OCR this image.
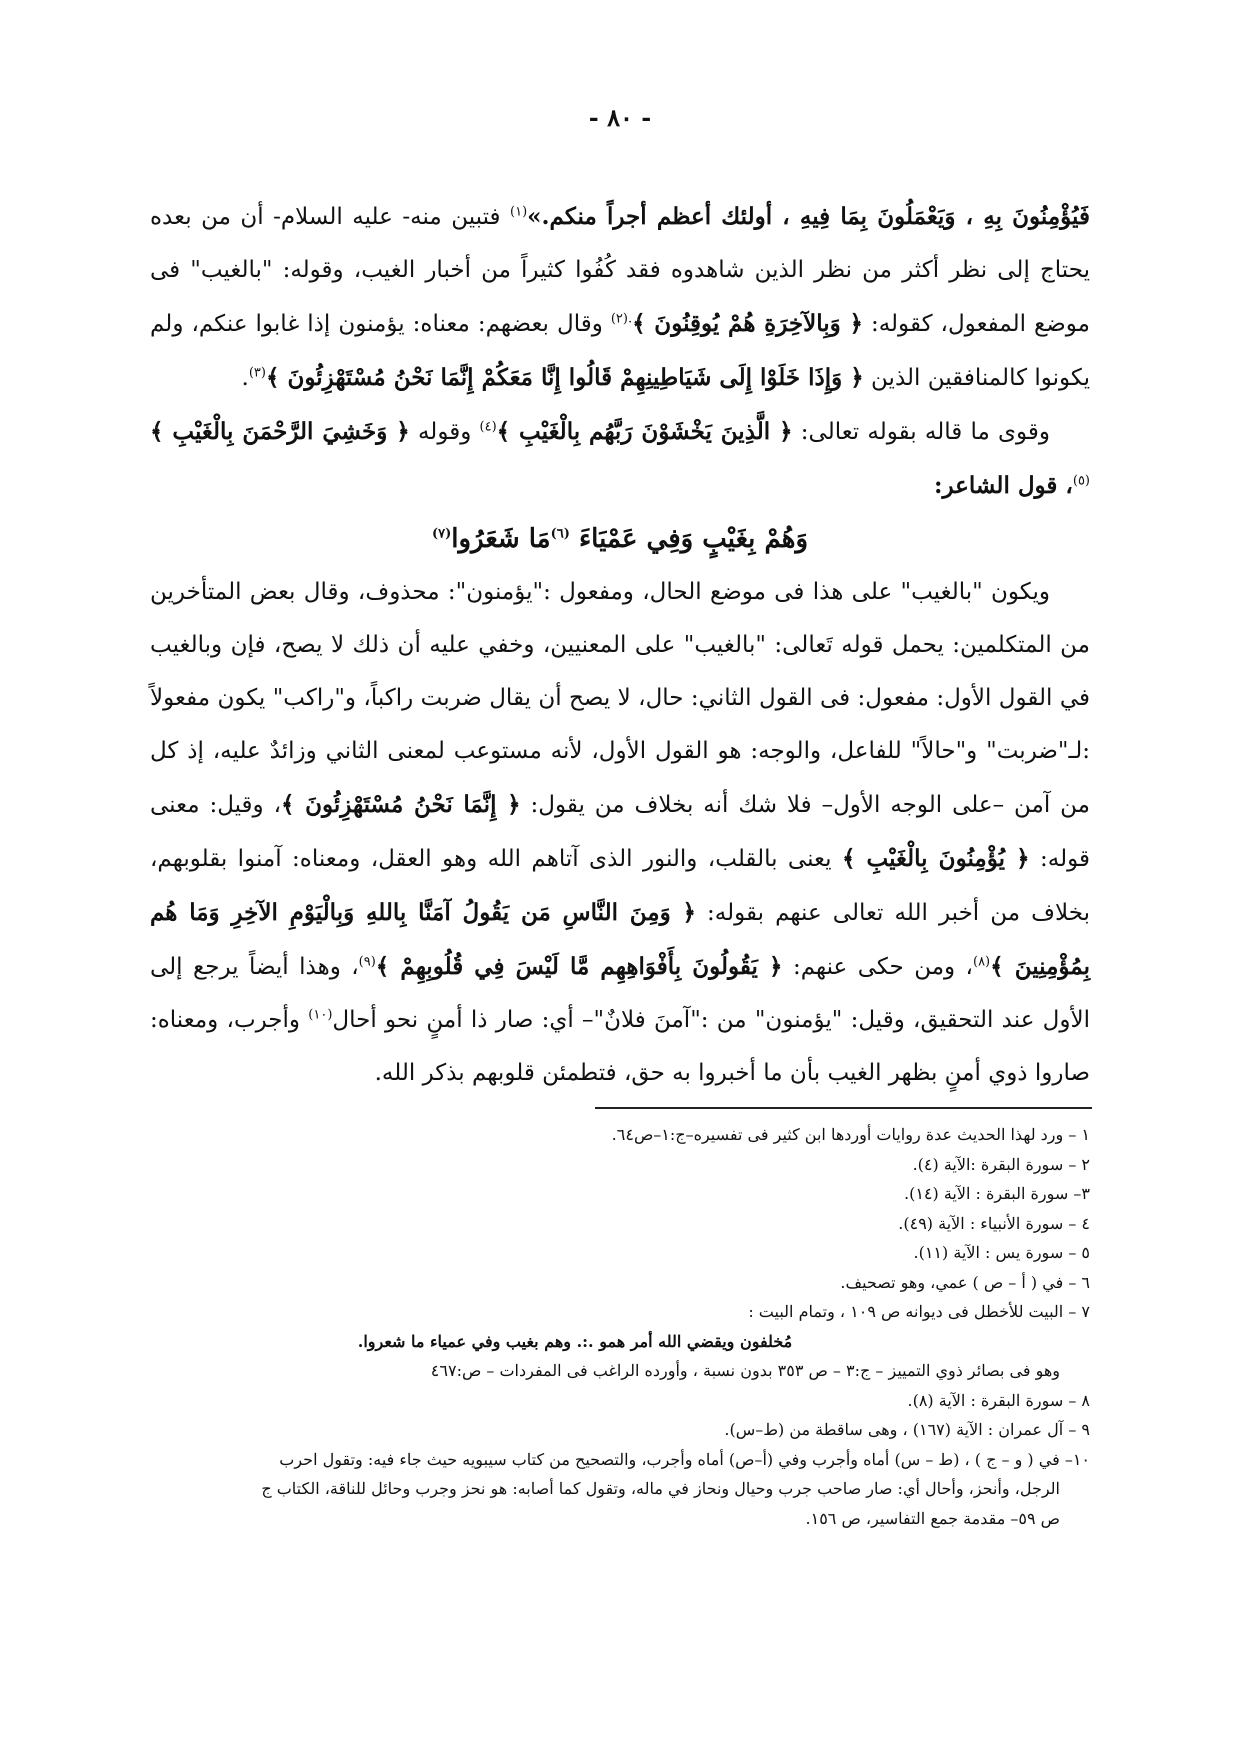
- ٨٠ -

فَيُؤْمِنُونَ بِهِ ، وَيَعْمَلُونَ بِمَا فِيهِ ، أولئك أعظم أجراً منكم.»$^{(١)}$ فتبين منه- عليه السلام- أن من بعده يحتاج إلى نظر أكثر من نظر الذين شاهدوه فقد كُفُوا كثيراً من أخبار الغيب، وقوله: "بالغيب" فى موضع المفعول، كقوله: ﴿ وَبِالآخِرَةِ هُمْ يُوقِنُونَ ﴾$^{.(٢)}$ وقال بعضهم: معناه: يؤمنون إذا غابوا عنكم، ولم يكونوا كالمنافقين الذين ﴿ وَإِذَا خَلَوْا إِلَى شَيَاطِينِهِمْ قَالُوا إِنَّا مَعَكُمْ إِنَّمَا نَحْنُ مُسْتَهْزِئُونَ ﴾$^{(٣)}$.

وقوى ما قاله بقوله تعالى: ﴿ الَّذِينَ يَخْشَوْنَ رَبَّهُم بِالْغَيْبِ ﴾$^{(٤)}$ وقوله ﴿ وَخَشِيَ الرَّحْمَنَ بِالْغَيْبِ ﴾$^{(٥)}$، قول الشاعر:

وَهُمْ بِغَيْبٍ وَفِي عَمْيَاءَ $^{(٦)}$مَا شَعَرُوا$^{(٧)}$

ويكون "بالغيب" على هذا فى موضع الحال، ومفعول :"يؤمنون": محذوف، وقال بعض المتأخرين من المتكلمين: يحمل قوله تَعالى: "بالغيب" على المعنيين، وخفي عليه أن ذلك لا يصح، فإن وبالغيب في القول الأول: مفعول: فى القول الثاني: حال، لا يصح أن يقال ضربت راكباً، و"راكب" يكون مفعولاً :لـ"ضربت" و"حالاً" للفاعل، والوجه: هو القول الأول، لأنه مستوعب لمعنى الثاني وزائدٌ عليه، إذ كل من آمن –على الوجه الأول– فلا شك أنه بخلاف من يقول: ﴿ إِنَّمَا نَحْنُ مُسْتَهْزِئُونَ ﴾، وقيل: معنى قوله: ﴿ يُؤْمِنُونَ بِالْغَيْبِ ﴾ يعنى بالقلب، والنور الذى آتاهم الله وهو العقل، ومعناه: آمنوا بقلوبهم، بخلاف من أخبر الله تعالى عنهم بقوله: ﴿ وَمِنَ النَّاسِ مَن يَقُولُ آمَنَّا بِاللهِ وَبِالْيَوْمِ الآخِرِ وَمَا هُم بِمُؤْمِنِينَ ﴾$^{(٨)}$، ومن حكى عنهم: ﴿ يَقُولُونَ بِأَفْوَاهِهِم مَّا لَيْسَ فِي قُلُوبِهِمْ ﴾$^{(٩)}$، وهذا أيضاً يرجع إلى الأول عند التحقيق، وقيل: "يؤمنون" من :"آمنَ فلانٌ"– أي: صار ذا أمنٍ نحو أحال$^{(١٠)}$ وأجرب، ومعناه: صاروا ذوي أمنٍ بظهر الغيب بأن ما أخبروا به حق، فتطمئن قلوبهم بذكر الله.

١ – ورد لهذا الحديث عدة روايات أوردها ابن كثير فى تفسيره–ج:١–ص٦٤.
٢ – سورة البقرة :الآية (٤).
٣– سورة البقرة : الآية (١٤).
٤ – سورة الأنبياء : الآية (٤٩).
٥ – سورة يس : الآية (١١).
٦ – في ( أ – ص ) عمي، وهو تصحيف.
٧ – البيت للأخطل فى ديوانه ص ١٠٩ ، وتمام البيت :
مُخلفون ويقضي الله أمر همو .:. وهم بغيب وفي عمياء ما شعروا.
وهو فى بصائر ذوي التمييز – ج:٣ – ص ٣٥٣ بدون نسبة ، وأورده الراغب فى المفردات – ص:٤٦٧
٨ – سورة البقرة : الآية (٨).
٩ – آل عمران : الآية (١٦٧) ، وهى ساقطة من (ط–س).
١٠– في ( و – ج ) ، (ط – س) أماه وأجرب وفي (أ–ص) أماه وأجرب، والتصحيح من كتاب سيبويه حيث جاء فيه: وتقول احرب
الرجل، وأنحز، وأحال أي: صار صاحب جرب وحيال ونحاز في ماله، وتقول كما أصابه: هو نحز وجرب وحائل للناقة، الكتاب ج
ص ٥٩– مقدمة جمع التفاسير، ص ١٥٦.
